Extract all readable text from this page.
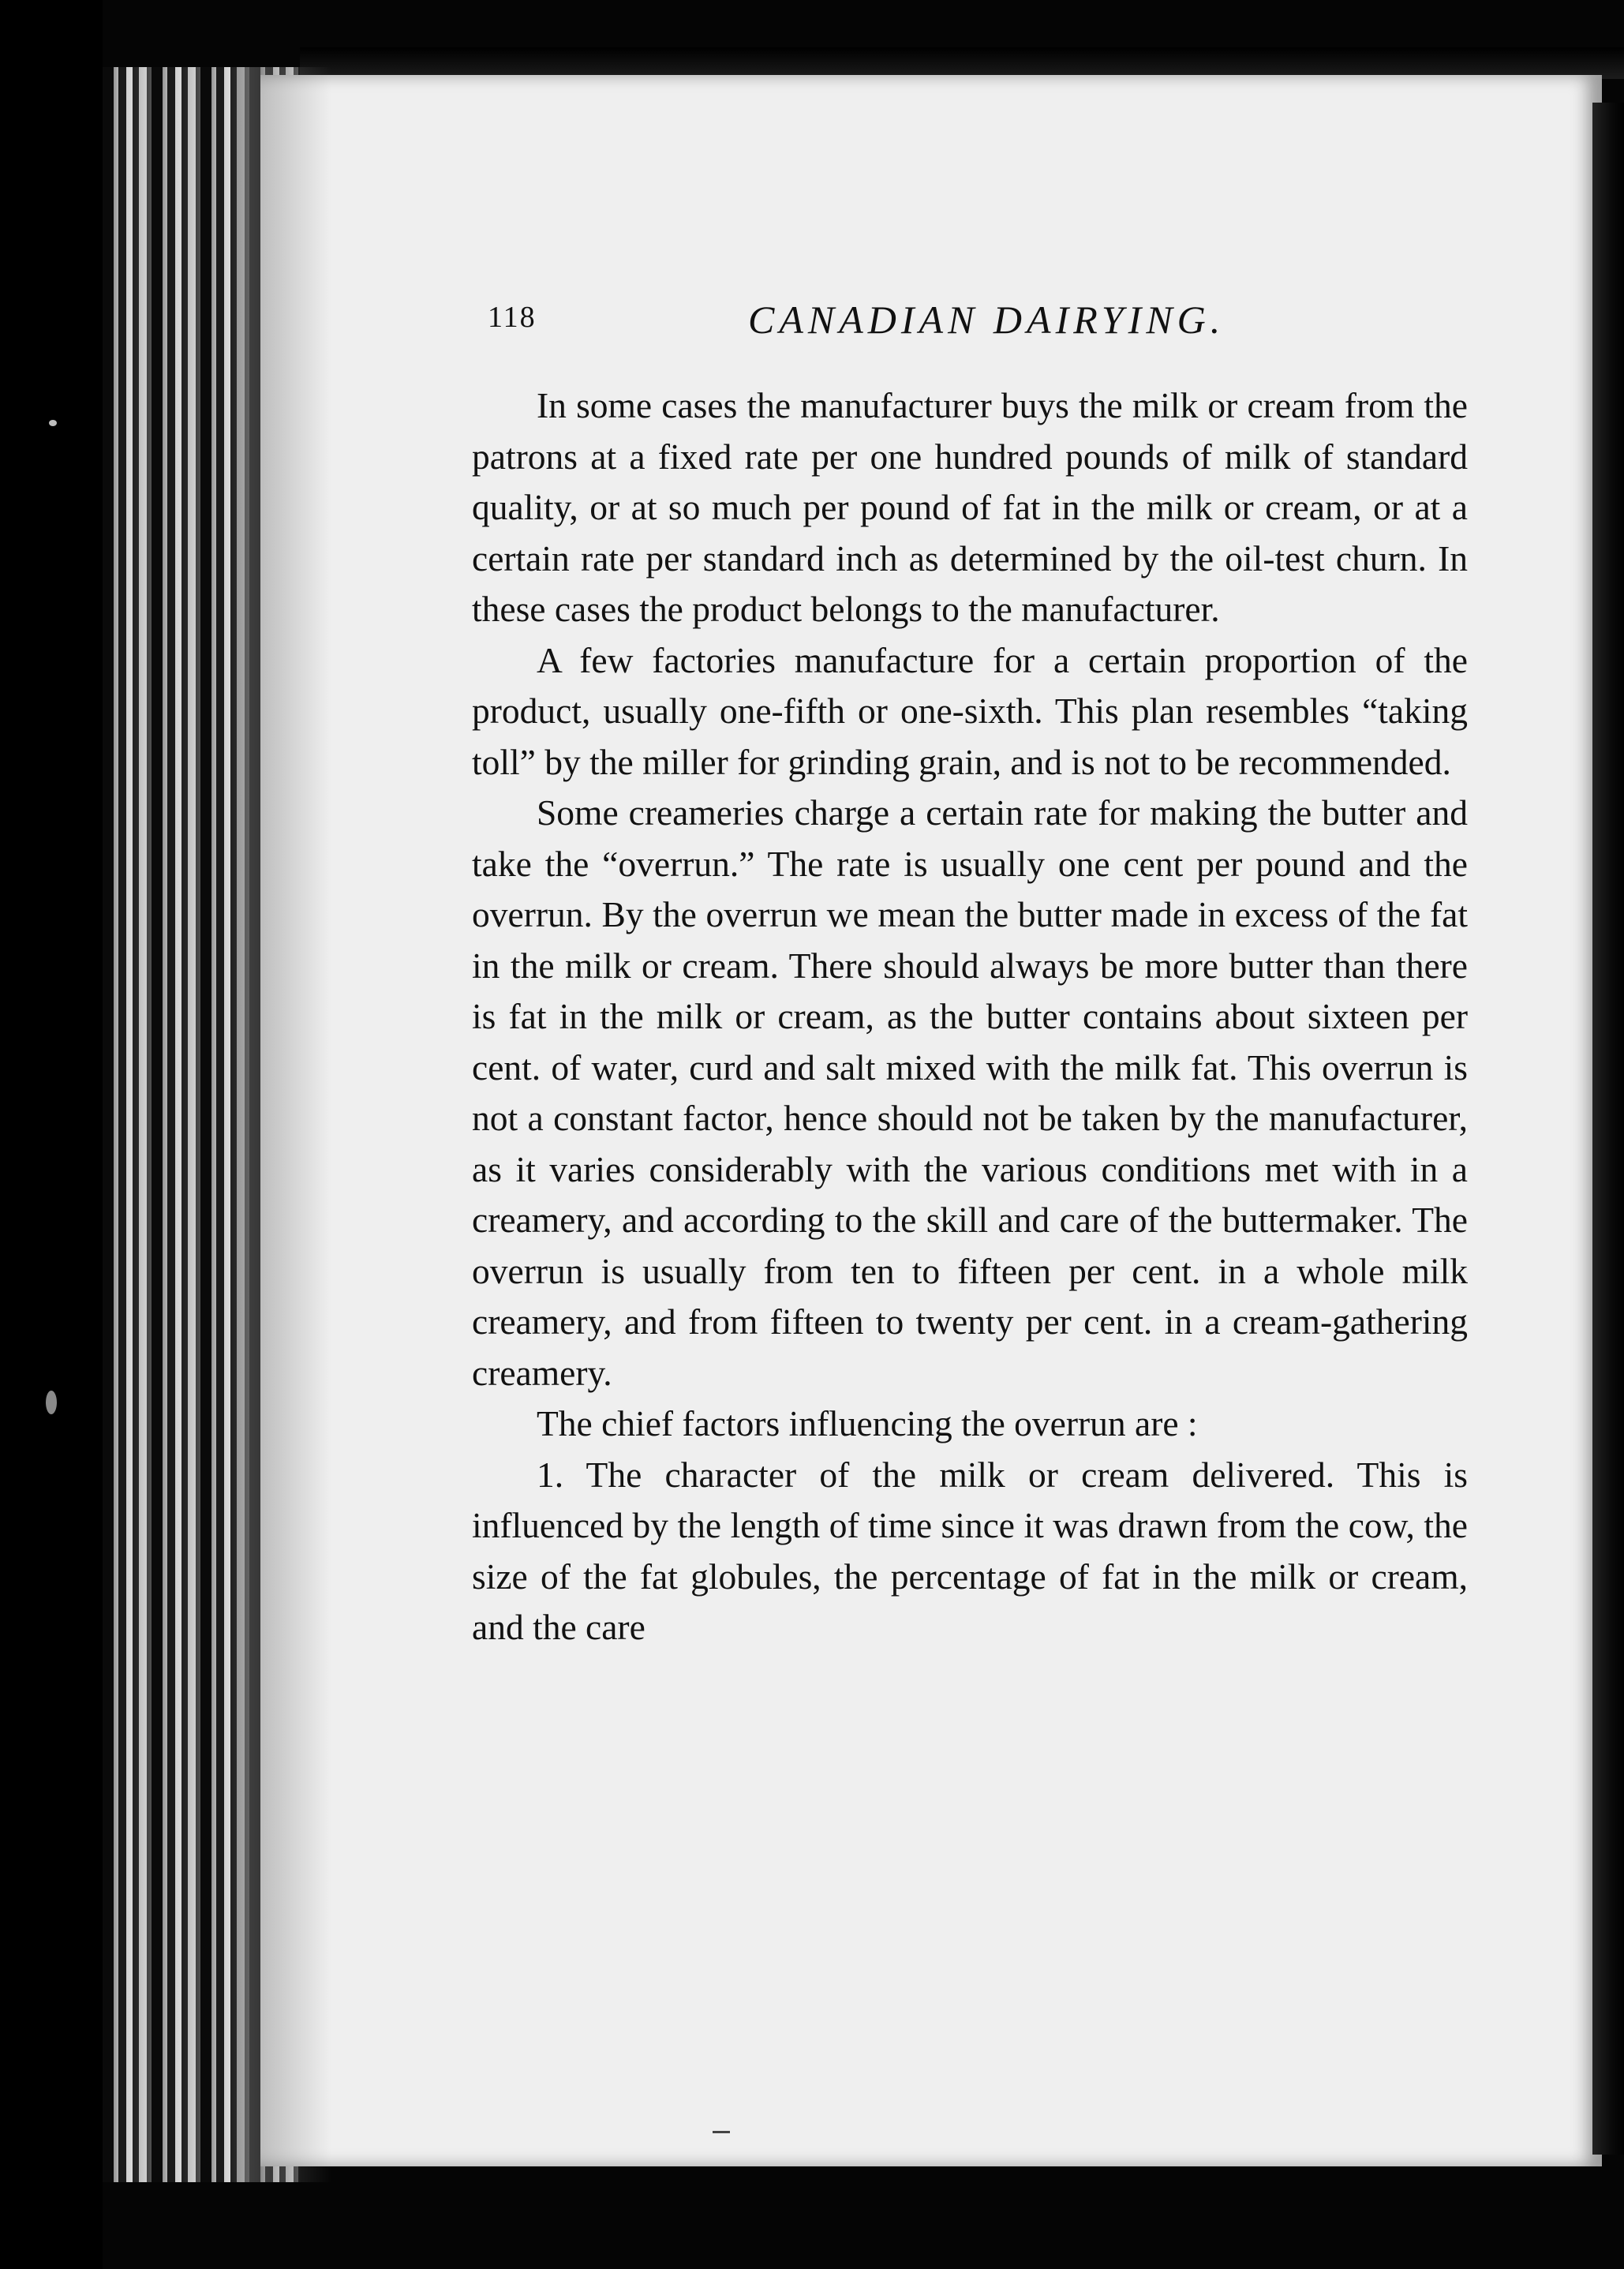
118	CANADIAN DAIRYING.

In some cases the manufacturer buys the milk or cream from the patrons at a fixed rate per one hundred pounds of milk of standard quality, or at so much per pound of fat in the milk or cream, or at a certain rate per standard inch as determined by the oil-test churn. In these cases the product belongs to the manufacturer.

A few factories manufacture for a certain proportion of the product, usually one-fifth or one-sixth. This plan resembles “taking toll” by the miller for grinding grain, and is not to be recommended.

Some creameries charge a certain rate for making the butter and take the “overrun.” The rate is usually one cent per pound and the overrun. By the overrun we mean the butter made in excess of the fat in the milk or cream. There should always be more butter than there is fat in the milk or cream, as the butter contains about sixteen per cent. of water, curd and salt mixed with the milk fat. This overrun is not a constant factor, hence should not be taken by the manufacturer, as it varies considerably with the various conditions met with in a creamery, and according to the skill and care of the buttermaker. The overrun is usually from ten to fifteen per cent. in a whole milk creamery, and from fifteen to twenty per cent. in a cream-gathering creamery.

The chief factors influencing the overrun are :

1. The character of the milk or cream delivered. This is influenced by the length of time since it was drawn from the cow, the size of the fat globules, the percentage of fat in the milk or cream, and the care
